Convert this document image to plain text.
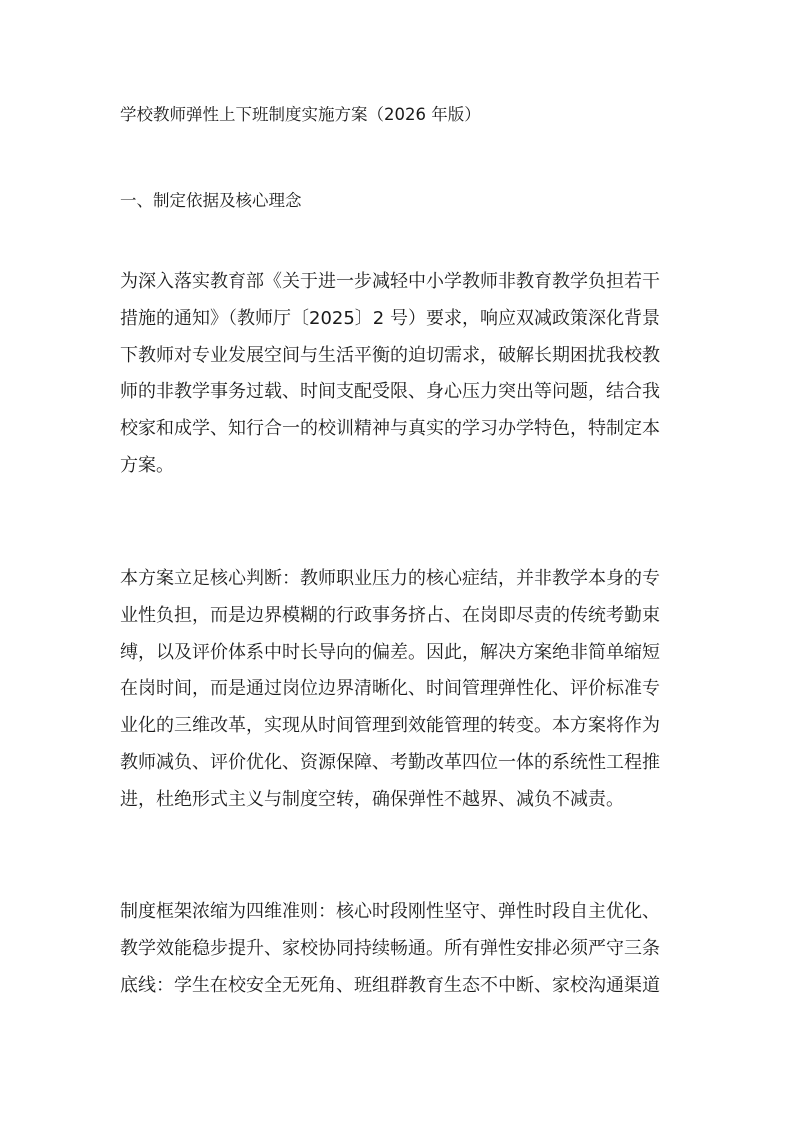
学校教师弹性上下班制度实施方案（2026 年版）
一、制定依据及核心理念
为深入落实教育部《关于进一步减轻中小学教师非教育教学负担若干
措施的通知》（教师厅〔2025〕2 号）要求，响应双减政策深化背景
下教师对专业发展空间与生活平衡的迫切需求，破解长期困扰我校教
师的非教学事务过载、时间支配受限、身心压力突出等问题，结合我
校家和成学、知行合一的校训精神与真实的学习办学特色，特制定本
方案。
本方案立足核心判断：教师职业压力的核心症结，并非教学本身的专
业性负担，而是边界模糊的行政事务挤占、在岗即尽责的传统考勤束
缚，以及评价体系中时长导向的偏差。因此，解决方案绝非简单缩短
在岗时间，而是通过岗位边界清晰化、时间管理弹性化、评价标准专
业化的三维改革，实现从时间管理到效能管理的转变。本方案将作为
教师减负、评价优化、资源保障、考勤改革四位一体的系统性工程推
进，杜绝形式主义与制度空转，确保弹性不越界、减负不减责。
制度框架浓缩为四维准则：核心时段刚性坚守、弹性时段自主优化、
教学效能稳步提升、家校协同持续畅通。所有弹性安排必须严守三条
底线：学生在校安全无死角、班组群教育生态不中断、家校沟通渠道
